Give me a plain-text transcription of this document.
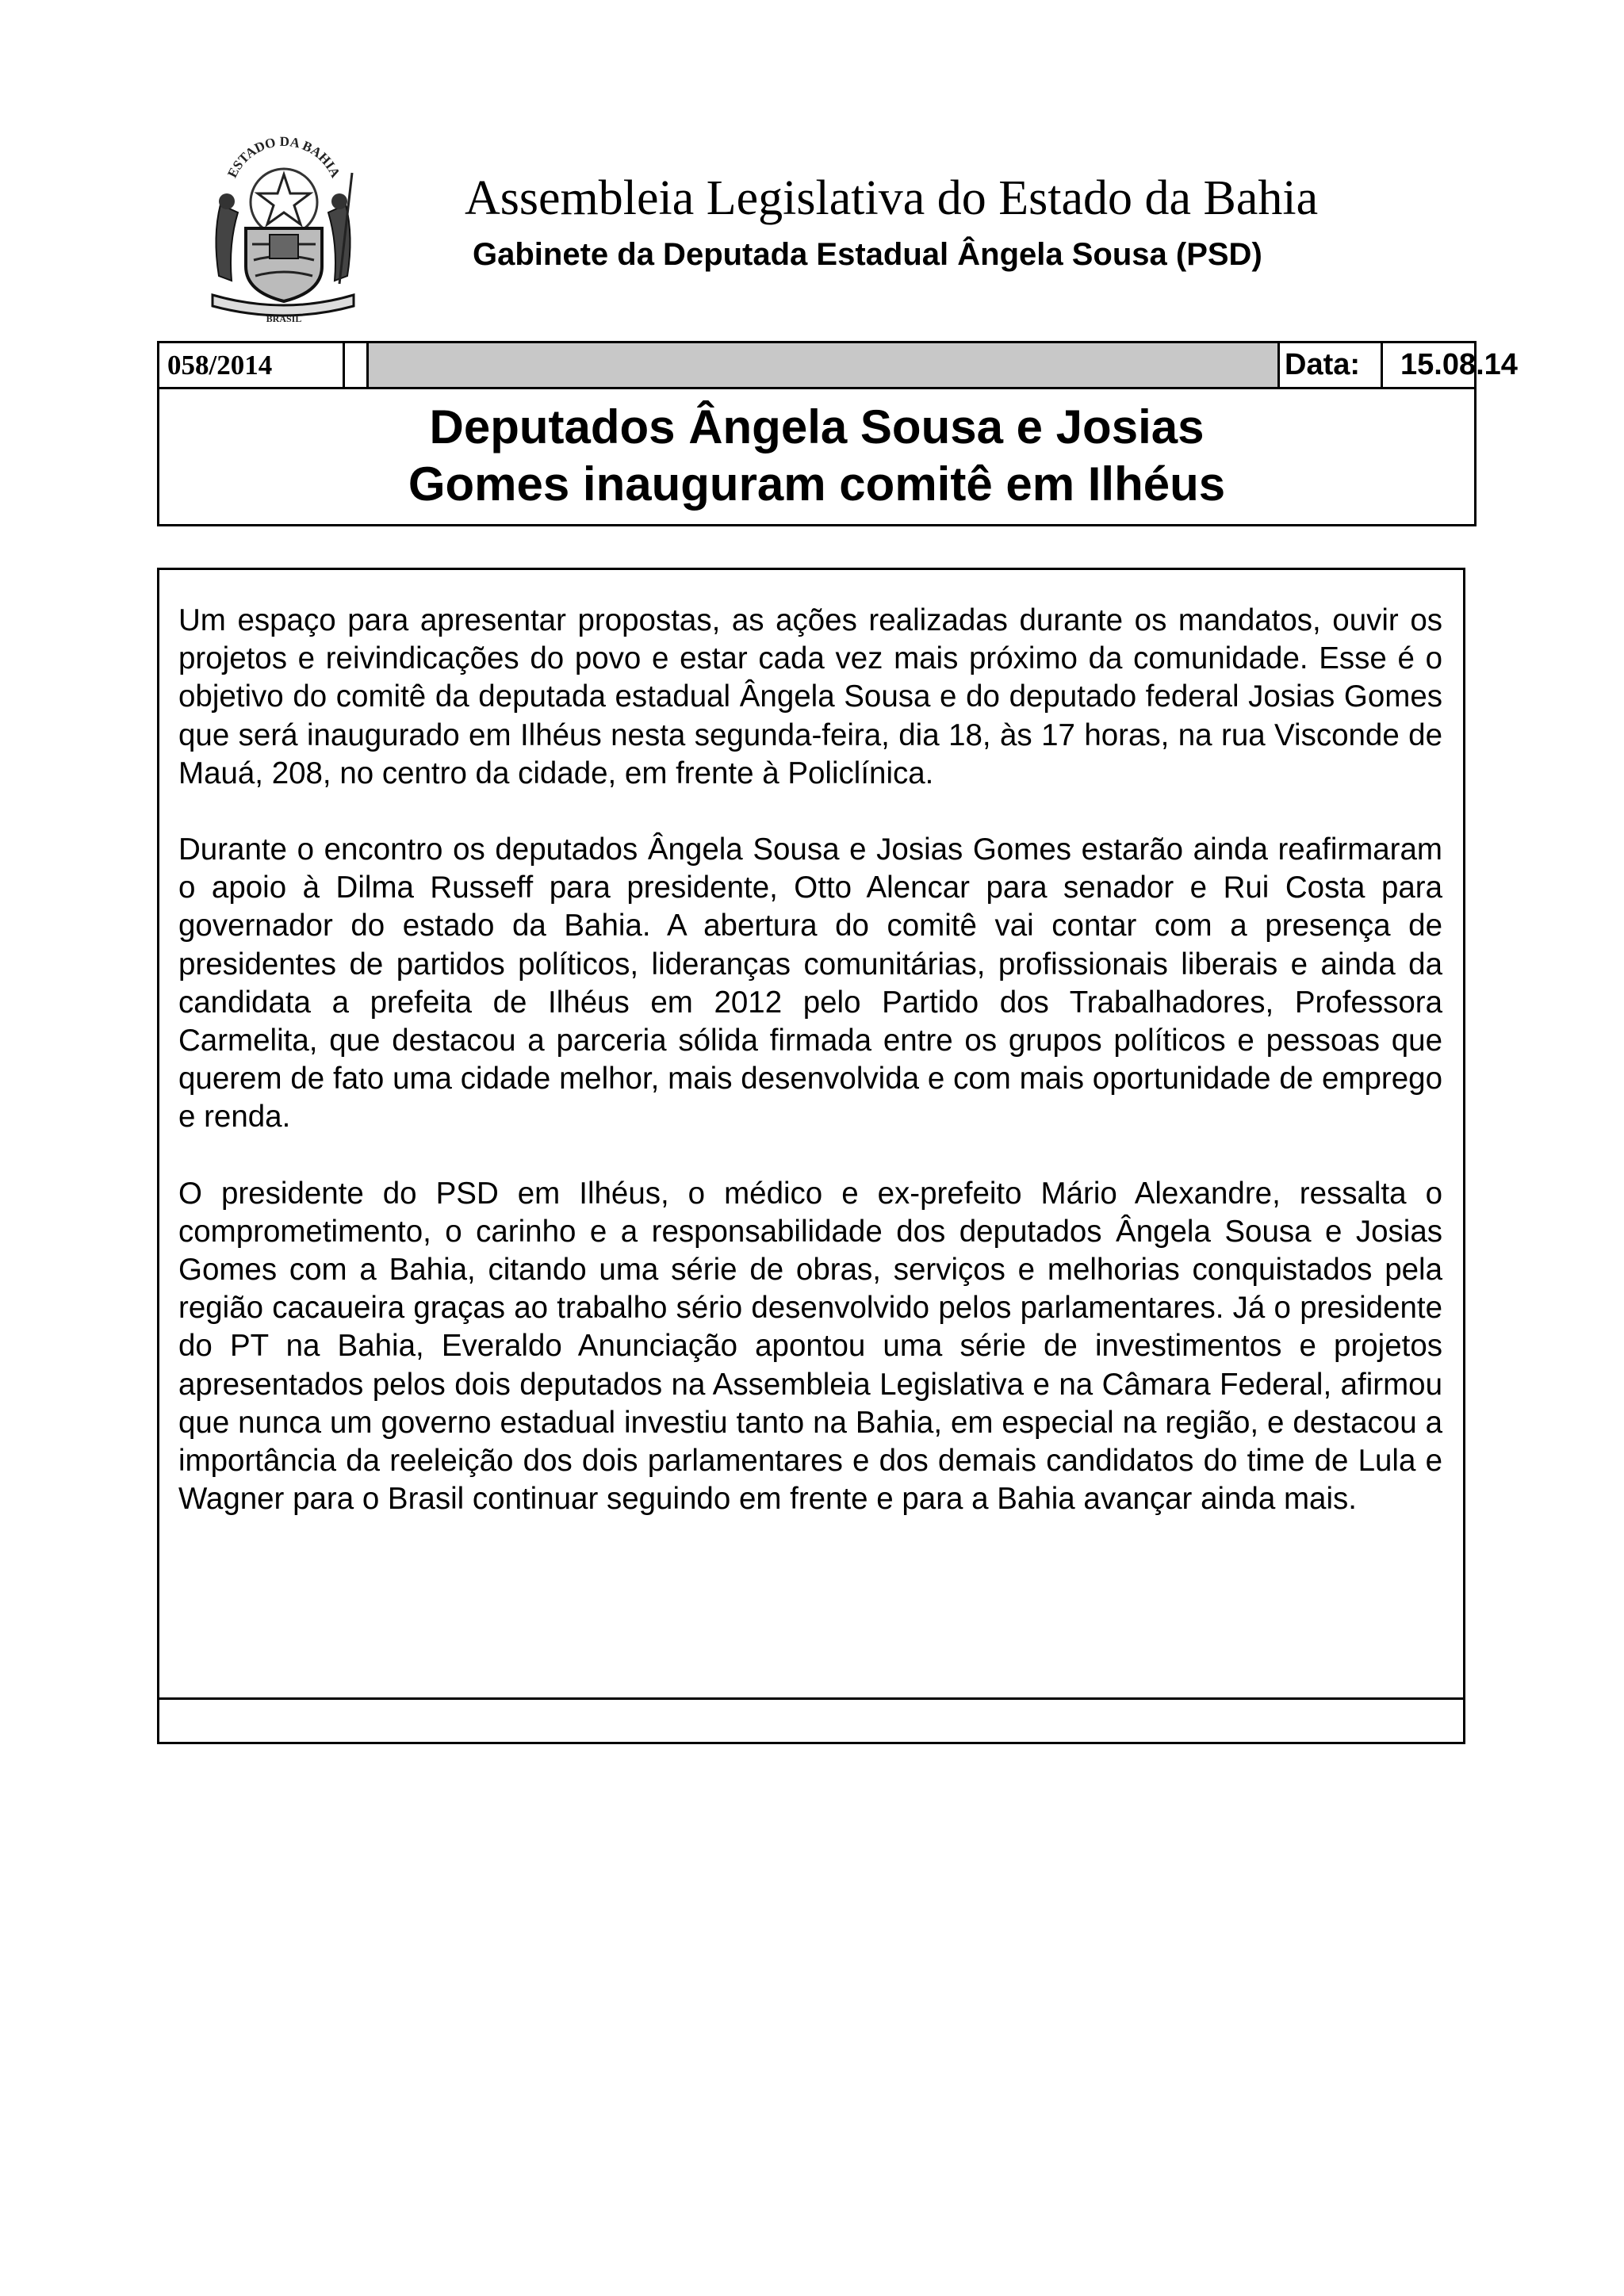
ESTADO DA BAHIA
BRASIL
Assembleia Legislativa do Estado da Bahia
Gabinete da Deputada Estadual Ângela Sousa (PSD)
058/2014	Data:	15.08.14
Deputados Ângela Sousa e Josias
Gomes inauguram comitê em Ilhéus

Um espaço para apresentar propostas, as ações realizadas durante os mandatos, ouvir os projetos e reivindicações do povo e estar cada vez mais próximo da comunidade. Esse é o objetivo do comitê da deputada estadual Ângela Sousa e do deputado federal Josias Gomes que será inaugurado em Ilhéus nesta segunda-feira, dia 18, às 17 horas, na rua Visconde de Mauá, 208, no centro da cidade, em frente à Policlínica.

Durante o encontro os deputados Ângela Sousa e Josias Gomes estarão ainda reafirmaram o apoio à Dilma Russeff para presidente, Otto Alencar para senador e Rui Costa para governador do estado da Bahia. A abertura do comitê vai contar com a presença de presidentes de partidos políticos, lideranças comunitárias, profissionais liberais e ainda da candidata a prefeita de Ilhéus em 2012 pelo Partido dos Trabalhadores, Professora Carmelita, que destacou a parceria sólida firmada entre os grupos políticos e pessoas que querem de fato uma cidade melhor, mais desenvolvida e com mais oportunidade de emprego e renda.

O presidente do PSD em Ilhéus, o médico e ex-prefeito Mário Alexandre, ressalta o comprometimento, o carinho e a responsabilidade dos deputados Ângela Sousa e Josias Gomes com a Bahia, citando uma série de obras, serviços e melhorias conquistados pela região cacaueira graças ao trabalho sério desenvolvido pelos parlamentares. Já o presidente do PT na Bahia, Everaldo Anunciação apontou uma série de investimentos e projetos apresentados pelos dois deputados na Assembleia Legislativa e na Câmara Federal, afirmou que nunca um governo estadual investiu tanto na Bahia, em especial na região, e destacou a importância da reeleição dos dois parlamentares e dos demais candidatos do time de Lula e Wagner para o Brasil continuar seguindo em frente e para a Bahia avançar ainda mais.
